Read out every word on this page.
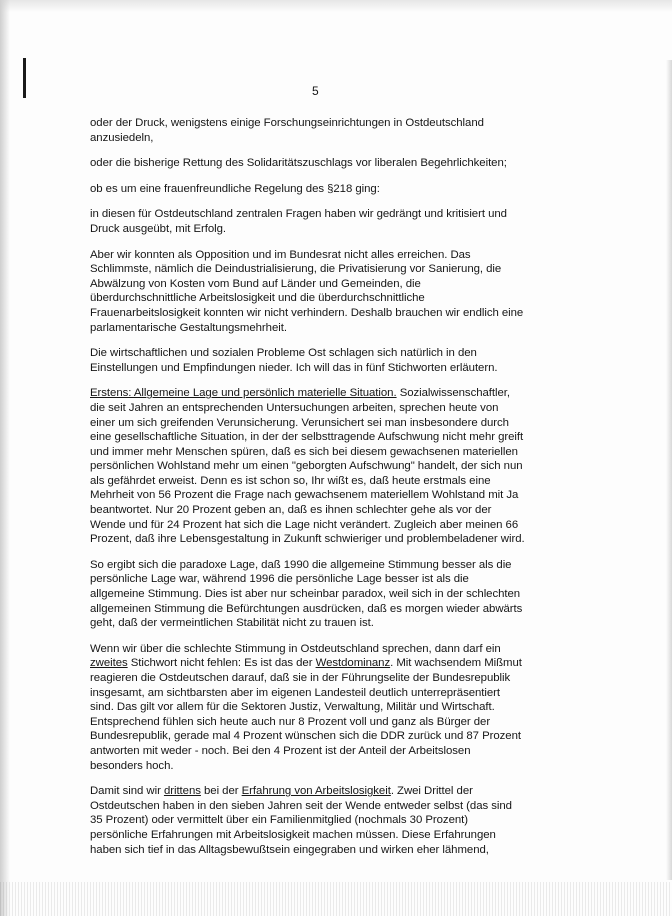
5

oder der Druck, wenigstens einige Forschungseinrichtungen in Ostdeutschland
anzusiedeln,

oder die bisherige Rettung des Solidaritätszuschlags vor liberalen Begehrlichkeiten;

ob es um eine frauenfreundliche Regelung des §218 ging:

in diesen für Ostdeutschland zentralen Fragen haben wir gedrängt und kritisiert und
Druck ausgeübt, mit Erfolg.

Aber wir konnten als Opposition und im Bundesrat nicht alles erreichen. Das
Schlimmste, nämlich die Deindustrialisierung, die Privatisierung vor Sanierung, die
Abwälzung von Kosten vom Bund auf Länder und Gemeinden, die
überdurchschnittliche Arbeitslosigkeit und die überdurchschnittliche
Frauenarbeitslosigkeit konnten wir nicht verhindern. Deshalb brauchen wir endlich eine
parlamentarische Gestaltungsmehrheit.

Die wirtschaftlichen und sozialen Probleme Ost schlagen sich natürlich in den
Einstellungen und Empfindungen nieder. Ich will das in fünf Stichworten erläutern.

Erstens: Allgemeine Lage und persönlich materielle Situation. Sozialwissenschaftler,
die seit Jahren an entsprechenden Untersuchungen arbeiten, sprechen heute von
einer um sich greifenden Verunsicherung. Verunsichert sei man insbesondere durch
eine gesellschaftliche Situation, in der der selbsttragende Aufschwung nicht mehr greift
und immer mehr Menschen spüren, daß es sich bei diesem gewachsenen materiellen
persönlichen Wohlstand mehr um einen "geborgten Aufschwung" handelt, der sich nun
als gefährdet erweist. Denn es ist schon so, Ihr wißt es, daß heute erstmals eine
Mehrheit von 56 Prozent die Frage nach gewachsenem materiellem Wohlstand mit Ja
beantwortet. Nur 20 Prozent geben an, daß es ihnen schlechter gehe als vor der
Wende und für 24 Prozent hat sich die Lage nicht verändert. Zugleich aber meinen 66
Prozent, daß ihre Lebensgestaltung in Zukunft schwieriger und problembeladener wird.

So ergibt sich die paradoxe Lage, daß 1990 die allgemeine Stimmung besser als die
persönliche Lage war, während 1996 die persönliche Lage besser ist als die
allgemeine Stimmung. Dies ist aber nur scheinbar paradox, weil sich in der schlechten
allgemeinen Stimmung die Befürchtungen ausdrücken, daß es morgen wieder abwärts
geht, daß der vermeintlichen Stabilität nicht zu trauen ist.

Wenn wir über die schlechte Stimmung in Ostdeutschland sprechen, dann darf ein
zweites Stichwort nicht fehlen: Es ist das der Westdominanz. Mit wachsendem Mißmut
reagieren die Ostdeutschen darauf, daß sie in der Führungselite der Bundesrepublik
insgesamt, am sichtbarsten aber im eigenen Landesteil deutlich unterrepräsentiert
sind. Das gilt vor allem für die Sektoren Justiz, Verwaltung, Militär und Wirtschaft.
Entsprechend fühlen sich heute auch nur 8 Prozent voll und ganz als Bürger der
Bundesrepublik, gerade mal 4 Prozent wünschen sich die DDR zurück und 87 Prozent
antworten mit weder - noch. Bei den 4 Prozent ist der Anteil der Arbeitslosen
besonders hoch.

Damit sind wir drittens bei der Erfahrung von Arbeitslosigkeit. Zwei Drittel der
Ostdeutschen haben in den sieben Jahren seit der Wende entweder selbst (das sind
35 Prozent) oder vermittelt über ein Familienmitglied (nochmals 30 Prozent)
persönliche Erfahrungen mit Arbeitslosigkeit machen müssen. Diese Erfahrungen
haben sich tief in das Alltagsbewußtsein eingegraben und wirken eher lähmend,
